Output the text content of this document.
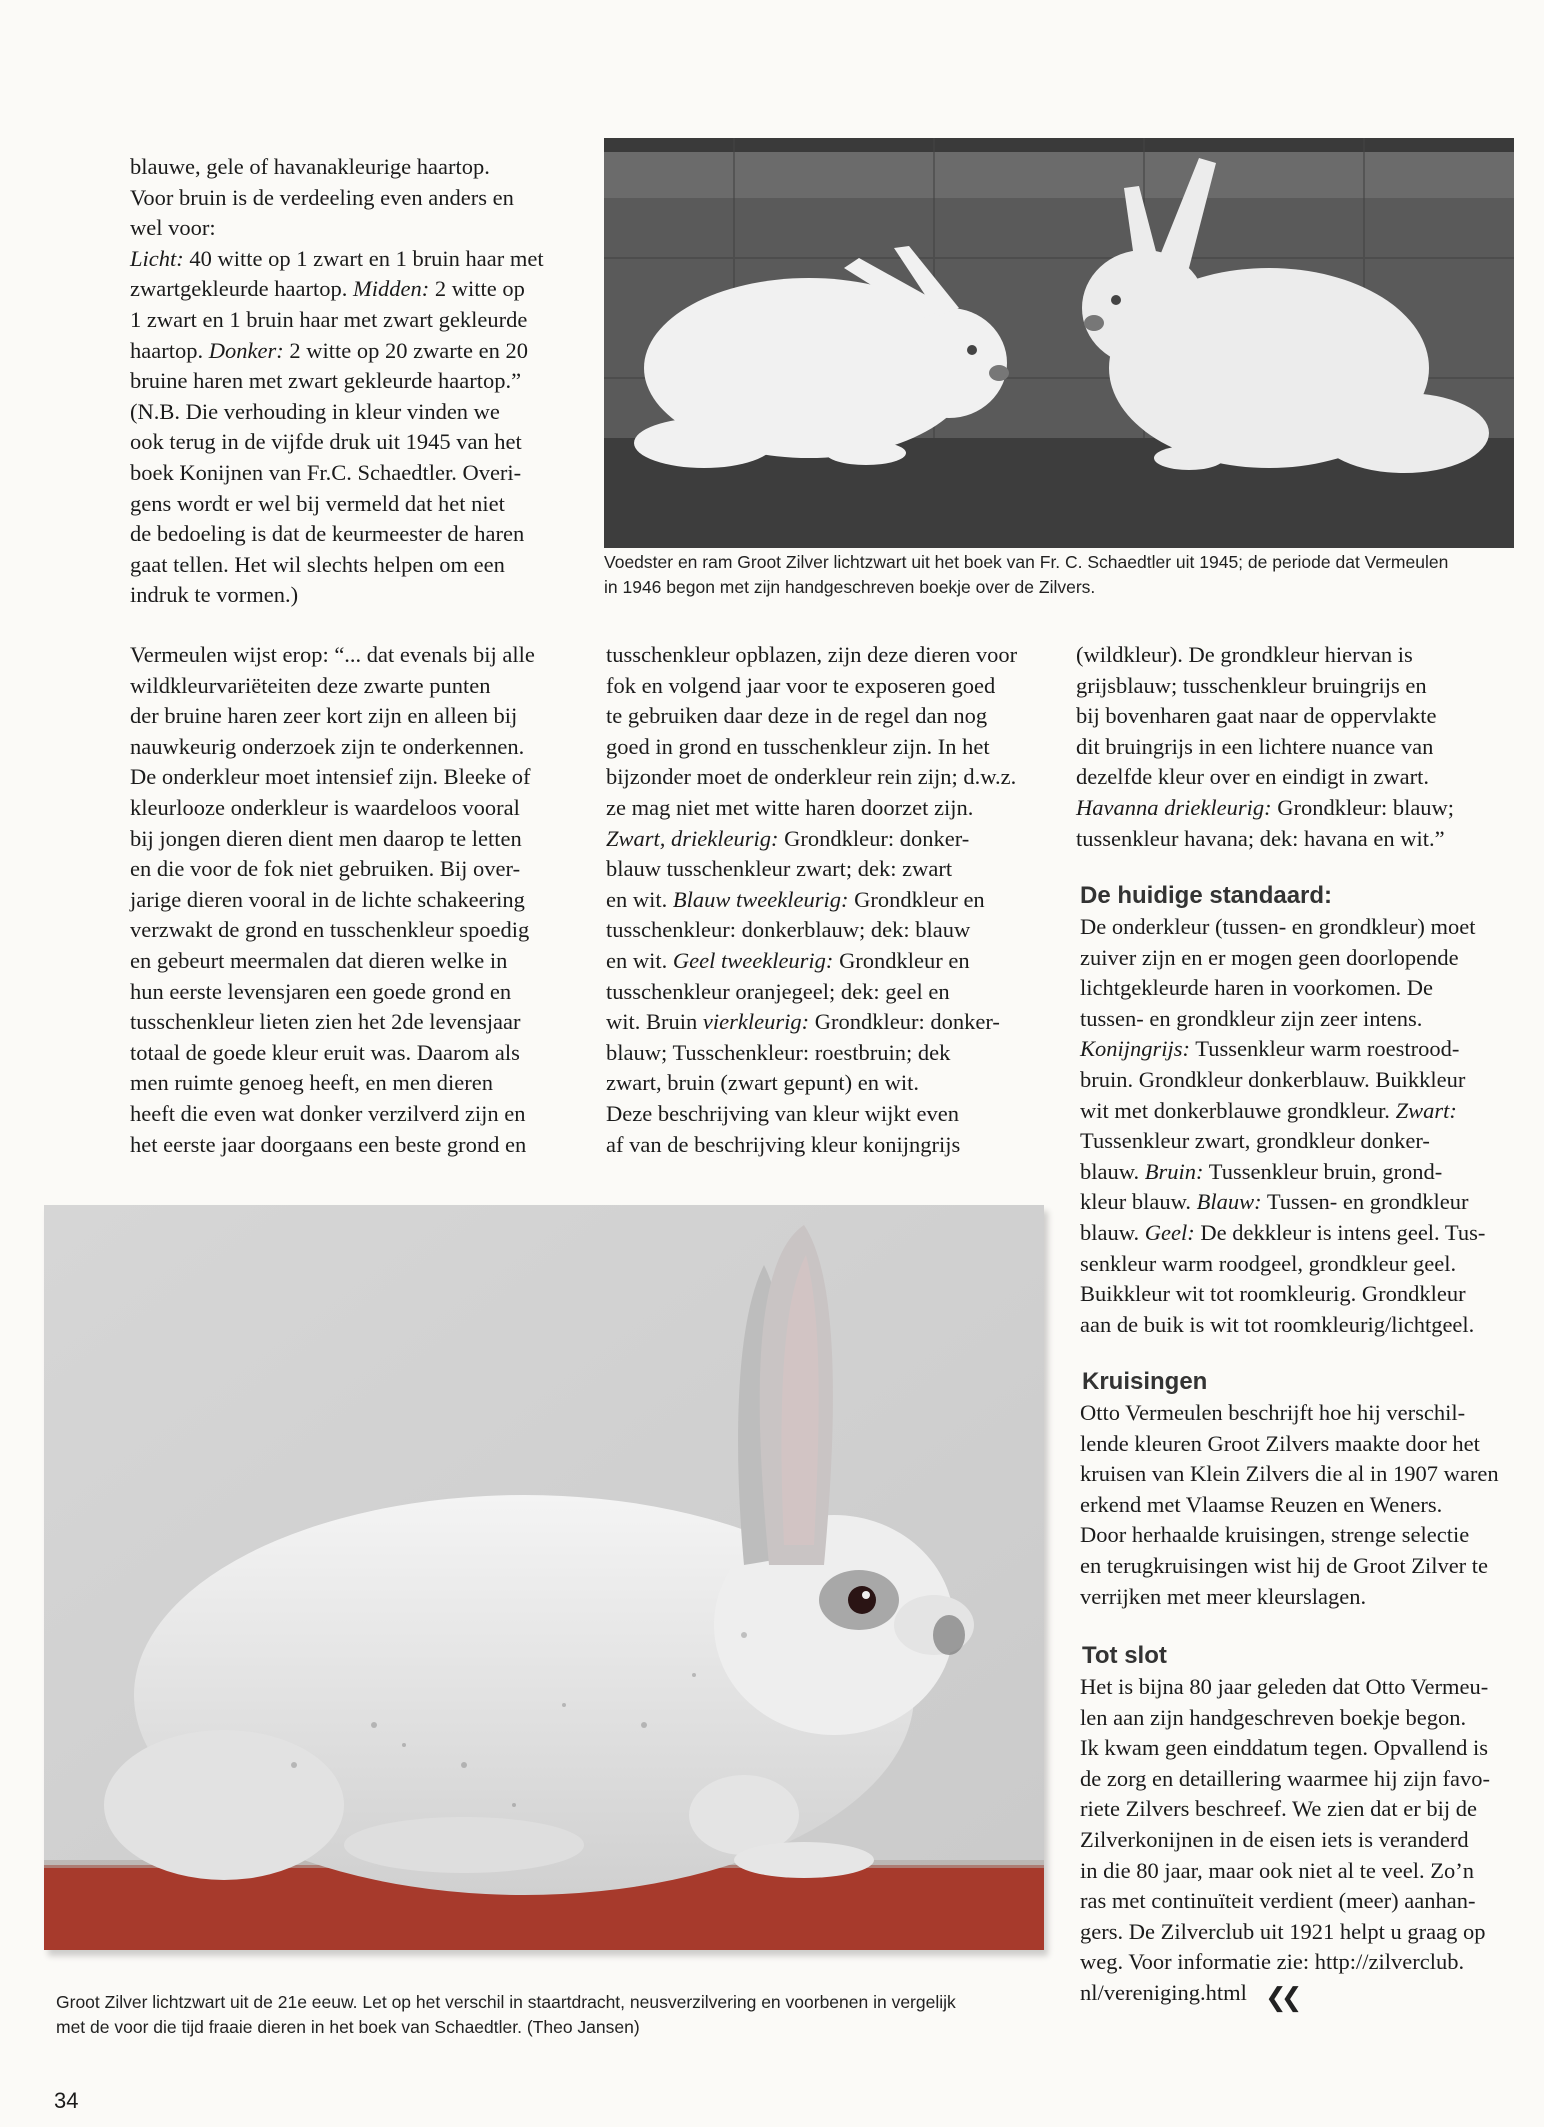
blauwe, gele of havanakleurige haartop.
Voor bruin is de verdeeling even anders en
wel voor:
Licht: 40 witte op 1 zwart en 1 bruin haar met
zwartgekleurde haartop. Midden: 2 witte op
1 zwart en 1 bruin haar met zwart gekleurde
haartop. Donker: 2 witte op 20 zwarte en 20
bruine haren met zwart gekleurde haartop.”
(N.B. Die verhouding in kleur vinden we
ook terug in de vijfde druk uit 1945 van het
boek Konijnen van Fr.C. Schaedtler. Overi-
gens wordt er wel bij vermeld dat het niet
de bedoeling is dat de keurmeester de haren
gaat tellen. Het wil slechts helpen om een
indruk te vormen.)
Voedster en ram Groot Zilver lichtzwart uit het boek van Fr. C. Schaedtler uit 1945; de periode dat Vermeulen
in 1946 begon met zijn handgeschreven boekje over de Zilvers.
Vermeulen wijst erop: “... dat evenals bij alle
wildkleurvariëteiten deze zwarte punten
der bruine haren zeer kort zijn en alleen bij
nauwkeurig onderzoek zijn te onderkennen.
De onderkleur moet intensief zijn. Bleeke of
kleurlooze onderkleur is waardeloos vooral
bij jongen dieren dient men daarop te letten
en die voor de fok niet gebruiken. Bij over-
jarige dieren vooral in de lichte schakeering
verzwakt de grond en tusschenkleur spoedig
en gebeurt meermalen dat dieren welke in
hun eerste levensjaren een goede grond en
tusschenkleur lieten zien het 2de levensjaar
totaal de goede kleur eruit was. Daarom als
men ruimte genoeg heeft, en men dieren
heeft die even wat donker verzilverd zijn en
het eerste jaar doorgaans een beste grond en
tusschenkleur opblazen, zijn deze dieren voor
fok en volgend jaar voor te exposeren goed
te gebruiken daar deze in de regel dan nog
goed in grond en tusschenkleur zijn. In het
bijzonder moet de onderkleur rein zijn; d.w.z.
ze mag niet met witte haren doorzet zijn.
Zwart, driekleurig: Grondkleur: donker-
blauw tusschenkleur zwart; dek: zwart
en wit. Blauw tweekleurig: Grondkleur en
tusschenkleur: donkerblauw; dek: blauw
en wit. Geel tweekleurig: Grondkleur en
tusschenkleur oranjegeel; dek: geel en
wit. Bruin vierkleurig: Grondkleur: donker-
blauw; Tusschenkleur: roestbruin; dek
zwart, bruin (zwart gepunt) en wit.
Deze beschrijving van kleur wijkt even
af van de beschrijving kleur konijngrijs
(wildkleur). De grondkleur hiervan is
grijsblauw; tusschenkleur bruingrijs en
bij bovenharen gaat naar de oppervlakte
dit bruingrijs in een lichtere nuance van
dezelfde kleur over en eindigt in zwart.
Havanna driekleurig: Grondkleur: blauw;
tussenkleur havana; dek: havana en wit.”
De huidige standaard:
De onderkleur (tussen- en grondkleur) moet
zuiver zijn en er mogen geen doorlopende
lichtgekleurde haren in voorkomen. De
tussen- en grondkleur zijn zeer intens.
Konijngrijs: Tussenkleur warm roestrood-
bruin. Grondkleur donkerblauw. Buikkleur
wit met donkerblauwe grondkleur. Zwart:
Tussenkleur zwart, grondkleur donker-
blauw. Bruin: Tussenkleur bruin, grond-
kleur blauw. Blauw: Tussen- en grondkleur
blauw. Geel: De dekkleur is intens geel. Tus-
senkleur warm roodgeel, grondkleur geel.
Buikkleur wit tot roomkleurig. Grondkleur
aan de buik is wit tot roomkleurig/lichtgeel.
Kruisingen
Otto Vermeulen beschrijft hoe hij verschil-
lende kleuren Groot Zilvers maakte door het
kruisen van Klein Zilvers die al in 1907 waren
erkend met Vlaamse Reuzen en Weners.
Door herhaalde kruisingen, strenge selectie
en terugkruisingen wist hij de Groot Zilver te
verrijken met meer kleurslagen.
Tot slot
Het is bijna 80 jaar geleden dat Otto Vermeu-
len aan zijn handgeschreven boekje begon.
Ik kwam geen einddatum tegen. Opvallend is
de zorg en detaillering waarmee hij zijn favo-
riete Zilvers beschreef. We zien dat er bij de
Zilverkonijnen in de eisen iets is veranderd
in die 80 jaar, maar ook niet al te veel. Zo’n
ras met continuïteit verdient (meer) aanhan-
gers. De Zilverclub uit 1921 helpt u graag op
weg. Voor informatie zie: http://zilverclub.
nl/vereniging.html ❮❮
Groot Zilver lichtzwart uit de 21e eeuw. Let op het verschil in staartdracht, neusverzilvering en voorbenen in vergelijk
met de voor die tijd fraaie dieren in het boek van Schaedtler. (Theo Jansen)
34
